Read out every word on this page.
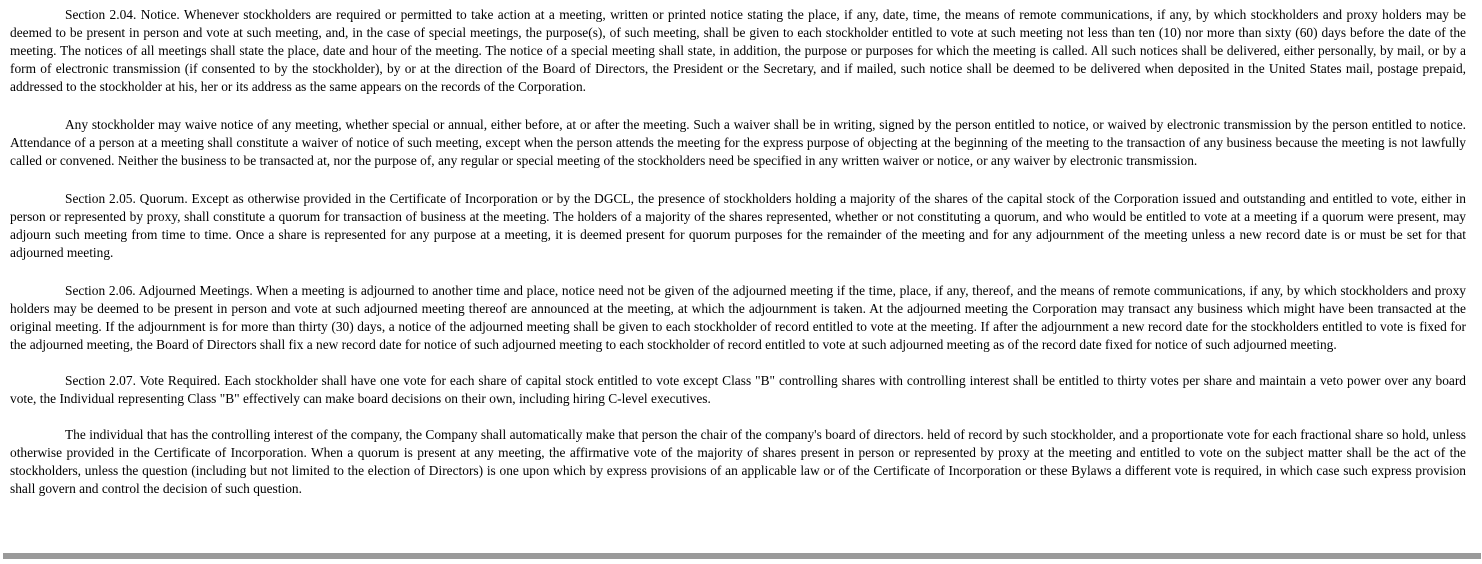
Section 2.04. Notice. Whenever stockholders are required or permitted to take action at a meeting, written or printed notice stating the place, if any, date, time, the means of remote communications, if any, by which stockholders and proxy holders may be deemed to be present in person and vote at such meeting, and, in the case of special meetings, the purpose(s), of such meeting, shall be given to each stockholder entitled to vote at such meeting not less than ten (10) nor more than sixty (60) days before the date of the meeting. The notices of all meetings shall state the place, date and hour of the meeting. The notice of a special meeting shall state, in addition, the purpose or purposes for which the meeting is called. All such notices shall be delivered, either personally, by mail, or by a form of electronic transmission (if consented to by the stockholder), by or at the direction of the Board of Directors, the President or the Secretary, and if mailed, such notice shall be deemed to be delivered when deposited in the United States mail, postage prepaid, addressed to the stockholder at his, her or its address as the same appears on the records of the Corporation.

Any stockholder may waive notice of any meeting, whether special or annual, either before, at or after the meeting. Such a waiver shall be in writing, signed by the person entitled to notice, or waived by electronic transmission by the person entitled to notice. Attendance of a person at a meeting shall constitute a waiver of notice of such meeting, except when the person attends the meeting for the express purpose of objecting at the beginning of the meeting to the transaction of any business because the meeting is not lawfully called or convened. Neither the business to be transacted at, nor the purpose of, any regular or special meeting of the stockholders need be specified in any written waiver or notice, or any waiver by electronic transmission.

Section 2.05. Quorum. Except as otherwise provided in the Certificate of Incorporation or by the DGCL, the presence of stockholders holding a majority of the shares of the capital stock of the Corporation issued and outstanding and entitled to vote, either in person or represented by proxy, shall constitute a quorum for transaction of business at the meeting. The holders of a majority of the shares represented, whether or not constituting a quorum, and who would be entitled to vote at a meeting if a quorum were present, may adjourn such meeting from time to time. Once a share is represented for any purpose at a meeting, it is deemed present for quorum purposes for the remainder of the meeting and for any adjournment of the meeting unless a new record date is or must be set for that adjourned meeting.

Section 2.06. Adjourned Meetings. When a meeting is adjourned to another time and place, notice need not be given of the adjourned meeting if the time, place, if any, thereof, and the means of remote communications, if any, by which stockholders and proxy holders may be deemed to be present in person and vote at such adjourned meeting thereof are announced at the meeting, at which the adjournment is taken. At the adjourned meeting the Corporation may transact any business which might have been transacted at the original meeting. If the adjournment is for more than thirty (30) days, a notice of the adjourned meeting shall be given to each stockholder of record entitled to vote at the meeting. If after the adjournment a new record date for the stockholders entitled to vote is fixed for the adjourned meeting, the Board of Directors shall fix a new record date for notice of such adjourned meeting to each stockholder of record entitled to vote at such adjourned meeting as of the record date fixed for notice of such adjourned meeting.

Section 2.07. Vote Required. Each stockholder shall have one vote for each share of capital stock entitled to vote except Class "B" controlling shares with controlling interest shall be entitled to thirty votes per share and maintain a veto power over any board vote, the Individual representing Class "B" effectively can make board decisions on their own, including hiring C-level executives.

The individual that has the controlling interest of the company, the Company shall automatically make that person the chair of the company's board of directors. held of record by such stockholder, and a proportionate vote for each fractional share so hold, unless otherwise provided in the Certificate of Incorporation. When a quorum is present at any meeting, the affirmative vote of the majority of shares present in person or represented by proxy at the meeting and entitled to vote on the subject matter shall be the act of the stockholders, unless the question (including but not limited to the election of Directors) is one upon which by express provisions of an applicable law or of the Certificate of Incorporation or these Bylaws a different vote is required, in which case such express provision shall govern and control the decision of such question.
